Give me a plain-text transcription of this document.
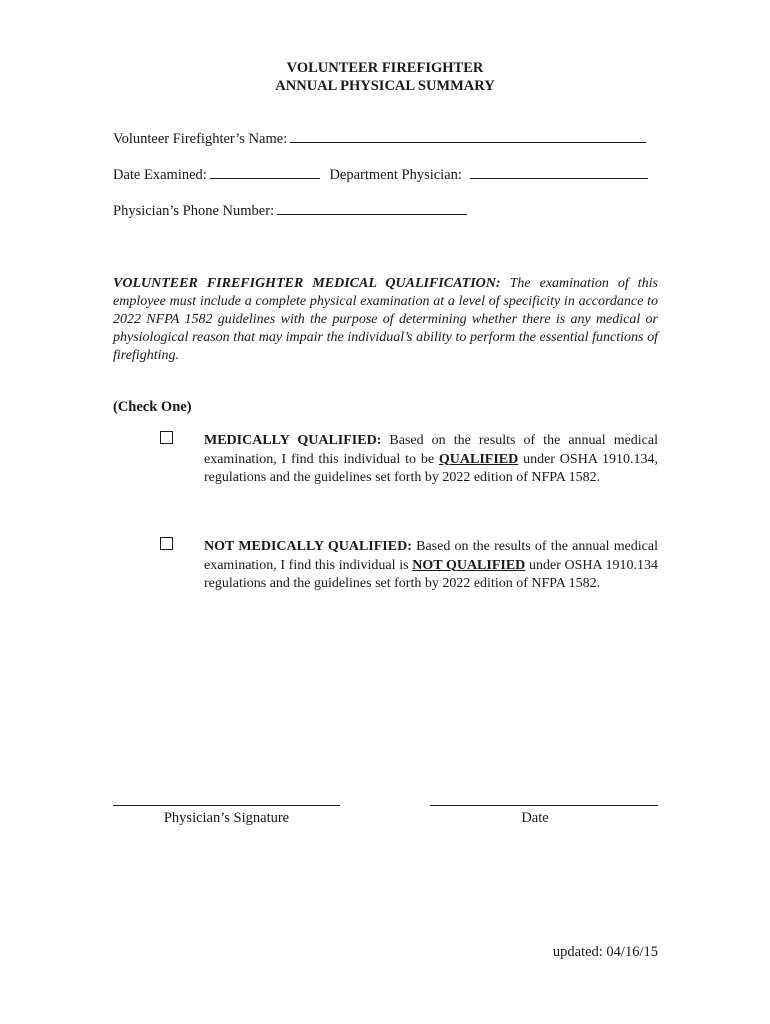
VOLUNTEER FIREFIGHTER
ANNUAL PHYSICAL SUMMARY
Volunteer Firefighter’s Name:
Date Examined:	Department Physician:
Physician’s Phone Number:
VOLUNTEER FIREFIGHTER MEDICAL QUALIFICATION: The examination of this employee must include a complete physical examination at a level of specificity in accordance to 2022 NFPA 1582 guidelines with the purpose of determining whether there is any medical or physiological reason that may impair the individual’s ability to perform the essential functions of firefighting.
(Check One)
MEDICALLY QUALIFIED: Based on the results of the annual medical examination, I find this individual to be QUALIFIED under OSHA 1910.134, regulations and the guidelines set forth by 2022 edition of NFPA 1582.
NOT MEDICALLY QUALIFIED: Based on the results of the annual medical examination, I find this individual is NOT QUALIFIED under OSHA 1910.134 regulations and the guidelines set forth by 2022 edition of NFPA 1582.
Physician’s Signature	Date
updated: 04/16/15
